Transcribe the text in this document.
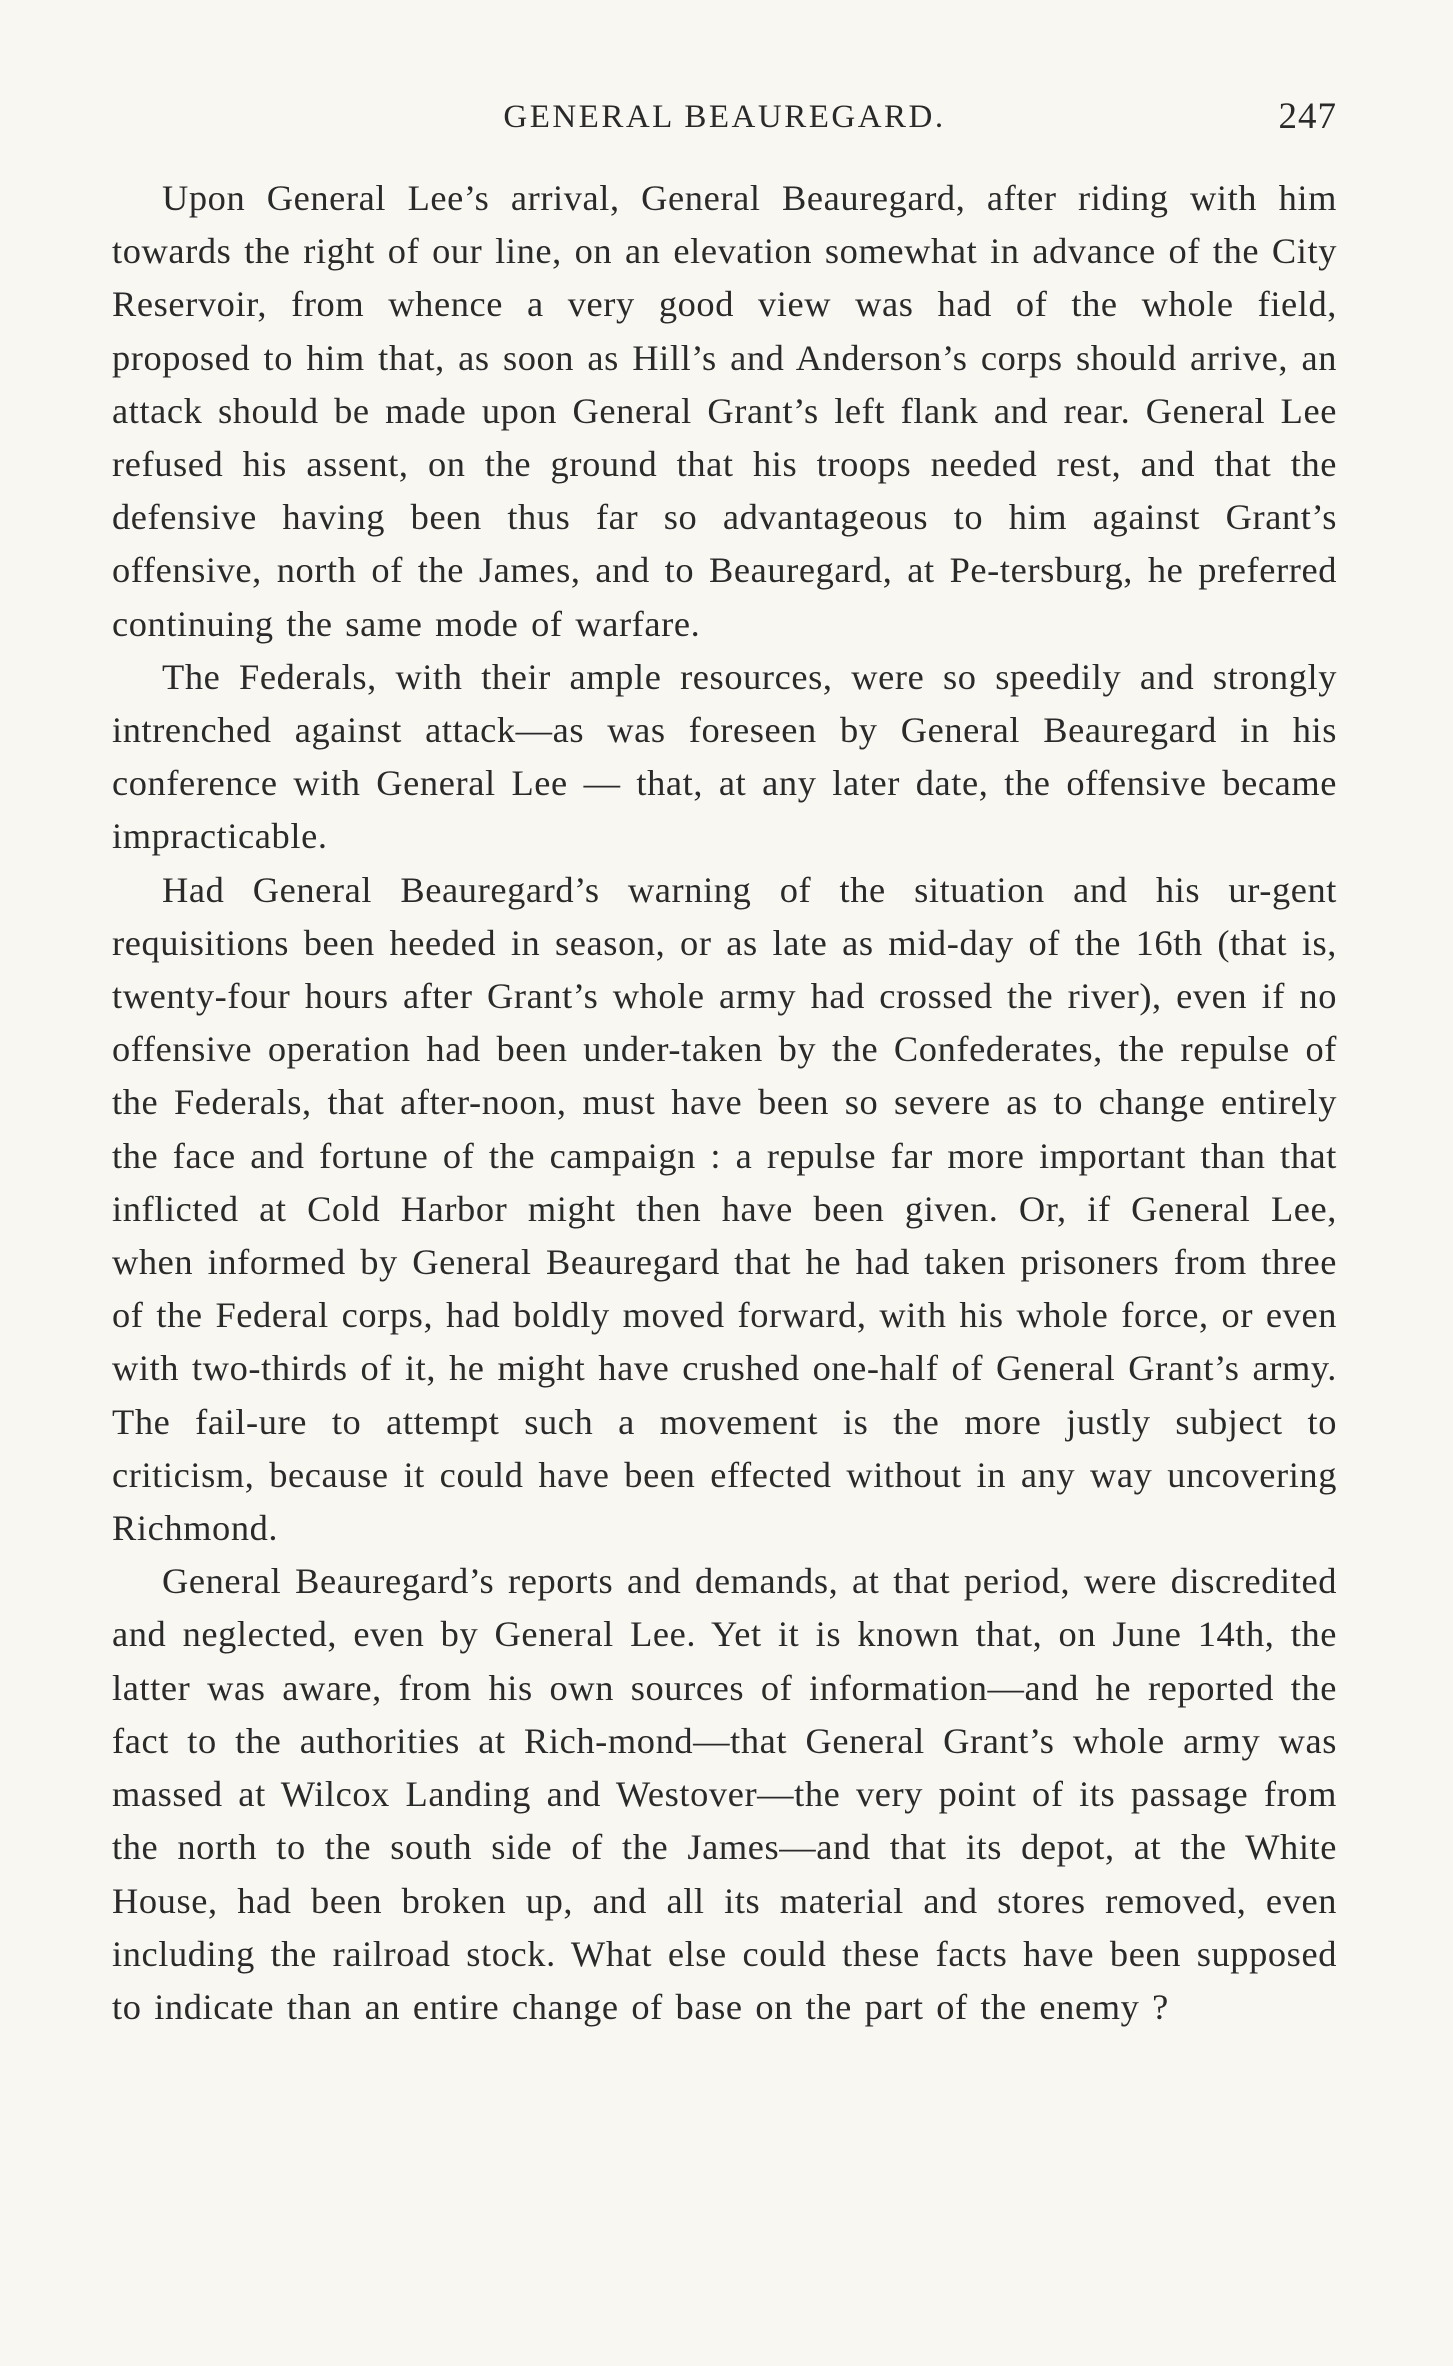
GENERAL BEAUREGARD.	247

Upon General Lee’s arrival, General Beauregard, after riding with him towards the right of our line, on an elevation somewhat in advance of the City Reservoir, from whence a very good view was had of the whole field, proposed to him that, as soon as Hill’s and Anderson’s corps should arrive, an attack should be made upon General Grant’s left flank and rear. General Lee refused his assent, on the ground that his troops needed rest, and that the defensive having been thus far so advantageous to him against Grant’s offensive, north of the James, and to Beauregard, at Pe-tersburg, he preferred continuing the same mode of warfare.

The Federals, with their ample resources, were so speedily and strongly intrenched against attack—as was foreseen by General Beauregard in his conference with General Lee — that, at any later date, the offensive became impracticable.

Had General Beauregard’s warning of the situation and his ur-gent requisitions been heeded in season, or as late as mid-day of the 16th (that is, twenty-four hours after Grant’s whole army had crossed the river), even if no offensive operation had been under-taken by the Confederates, the repulse of the Federals, that after-noon, must have been so severe as to change entirely the face and fortune of the campaign : a repulse far more important than that inflicted at Cold Harbor might then have been given. Or, if General Lee, when informed by General Beauregard that he had taken prisoners from three of the Federal corps, had boldly moved forward, with his whole force, or even with two-thirds of it, he might have crushed one-half of General Grant’s army. The fail-ure to attempt such a movement is the more justly subject to criticism, because it could have been effected without in any way uncovering Richmond.

General Beauregard’s reports and demands, at that period, were discredited and neglected, even by General Lee. Yet it is known that, on June 14th, the latter was aware, from his own sources of information—and he reported the fact to the authorities at Rich-mond—that General Grant’s whole army was massed at Wilcox Landing and Westover—the very point of its passage from the north to the south side of the James—and that its depot, at the White House, had been broken up, and all its material and stores removed, even including the railroad stock. What else could these facts have been supposed to indicate than an entire change of base on the part of the enemy ?
